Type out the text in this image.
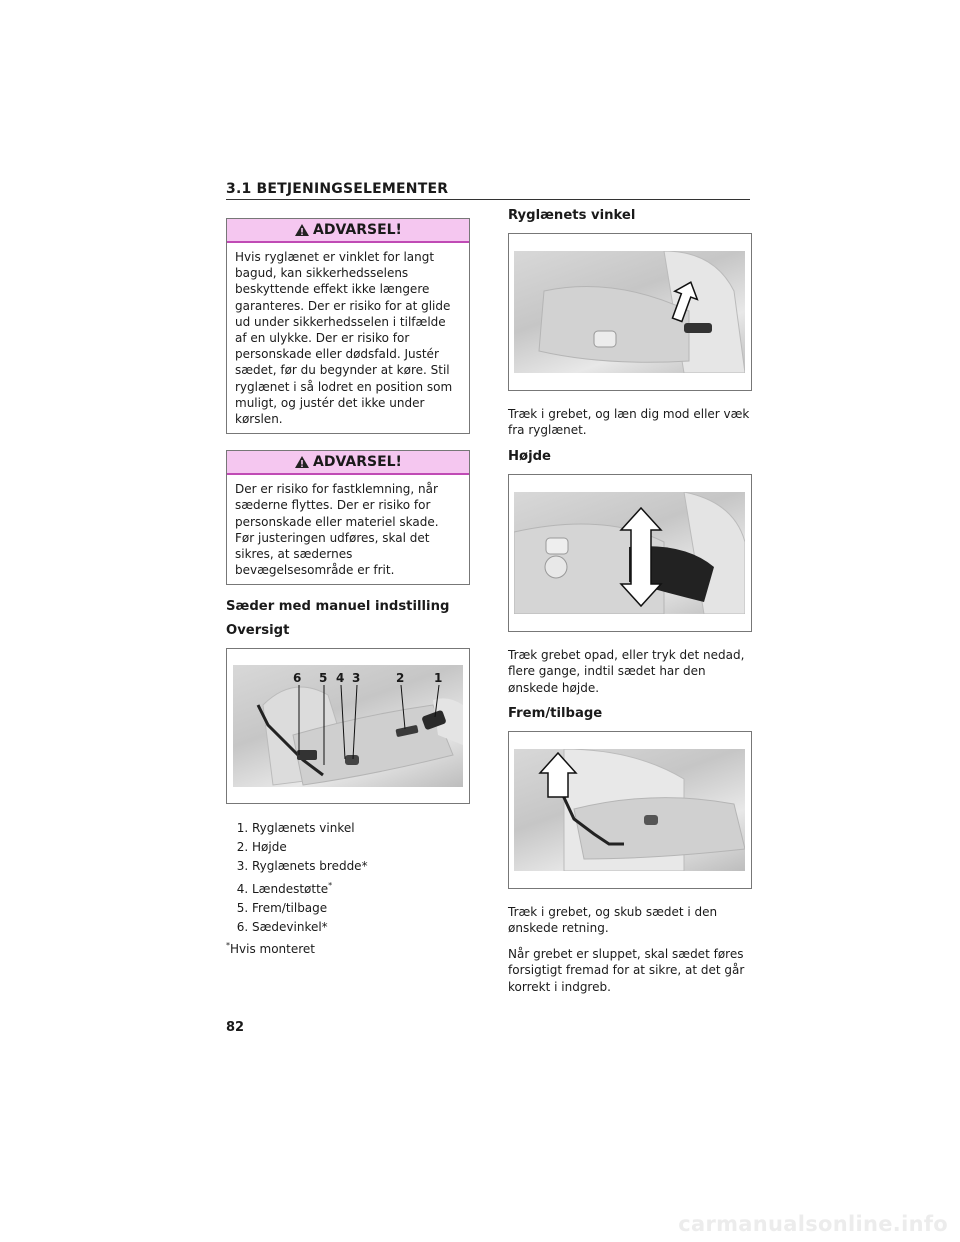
3.1 BETJENINGSELEMENTER
ADVARSEL!
Hvis ryglænet er vinklet for langt bagud, kan sikkerhedsselens beskyttende effekt ikke længere garanteres. Der er risiko for at glide ud under sikkerhedsselen i tilfælde af en ulykke. Der er risiko for personskade eller dødsfald. Justér sædet, før du begynder at køre. Stil ryglænet i så lodret en position som muligt, og justér det ikke under kørslen.
ADVARSEL!
Der er risiko for fastklemning, når sæderne flyttes. Der er risiko for personskade eller materiel skade. Før justeringen udføres, skal det sikres, at sædernes bevægelsesområde er frit.
Sæder med manuel indstilling
Oversigt
6 5 4 3	2 1
1. Ryglænets vinkel
2. Højde
3. Ryglænets bredde*
4. Lændestøtte*
5. Frem/tilbage
6. Sædevinkel*
*Hvis monteret
Ryglænets vinkel

Træk i grebet, og læn dig mod eller væk fra ryglænet.

Højde

Træk grebet opad, eller tryk det nedad, flere gange, indtil sædet har den ønskede højde.

Frem/tilbage

Træk i grebet, og skub sædet i den ønskede retning.

Når grebet er sluppet, skal sædet føres forsigtigt fremad for at sikre, at det går korrekt i indgreb.

82
carmanualsonline.info
